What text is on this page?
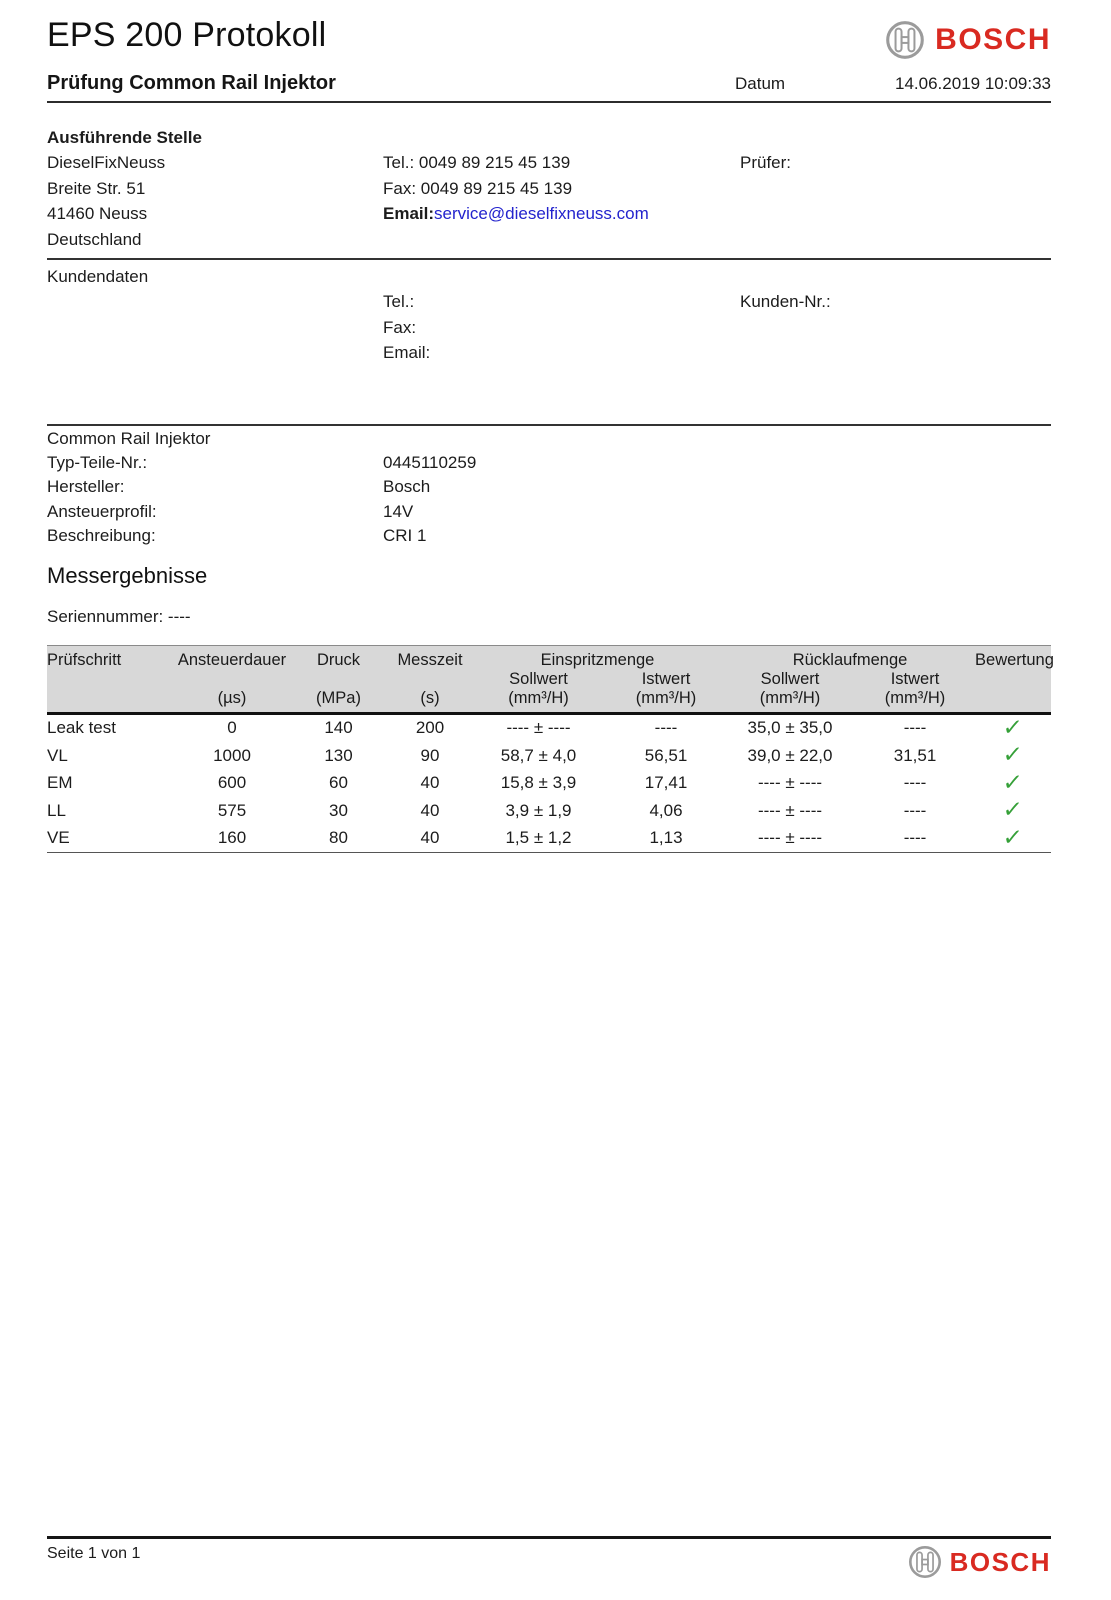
EPS 200 Protokoll	BOSCH
Prüfung Common Rail Injektor	Datum	14.06.2019 10:09:33
Ausführende Stelle
DieselFixNeuss
Breite Str. 51
41460 Neuss
Deutschland
Tel.: 0049 89 215 45 139
Fax: 0049 89 215 45 139
Email:service@dieselfixneuss.com
Prüfer:
Kundendaten
Tel.:
Fax:
Email:
Kunden-Nr.:
Common Rail Injektor
Typ-Teile-Nr.:	0445110259
Hersteller:	Bosch
Ansteuerprofil:	14V
Beschreibung:	CRI 1
Messergebnisse
Seriennummer: ----
Prüfschritt	Ansteuerdauer	Druck	Messzeit	Einspritzmenge		Rücklaufmenge		Bewertung
				Sollwert	Istwert	Sollwert	Istwert	
	(µs)	(MPa)	(s)	(mm³/H)	(mm³/H)	(mm³/H)	(mm³/H)	
Leak test	0	140	200	---- ± ----	----	35,0 ± 35,0	----	✓
VL	1000	130	90	58,7 ± 4,0	56,51	39,0 ± 22,0	31,51	✓
EM	600	60	40	15,8 ± 3,9	17,41	---- ± ----	----	✓
LL	575	30	40	3,9 ± 1,9	4,06	---- ± ----	----	✓
VE	160	80	40	1,5 ± 1,2	1,13	---- ± ----	----	✓
Seite 1 von 1	BOSCH
